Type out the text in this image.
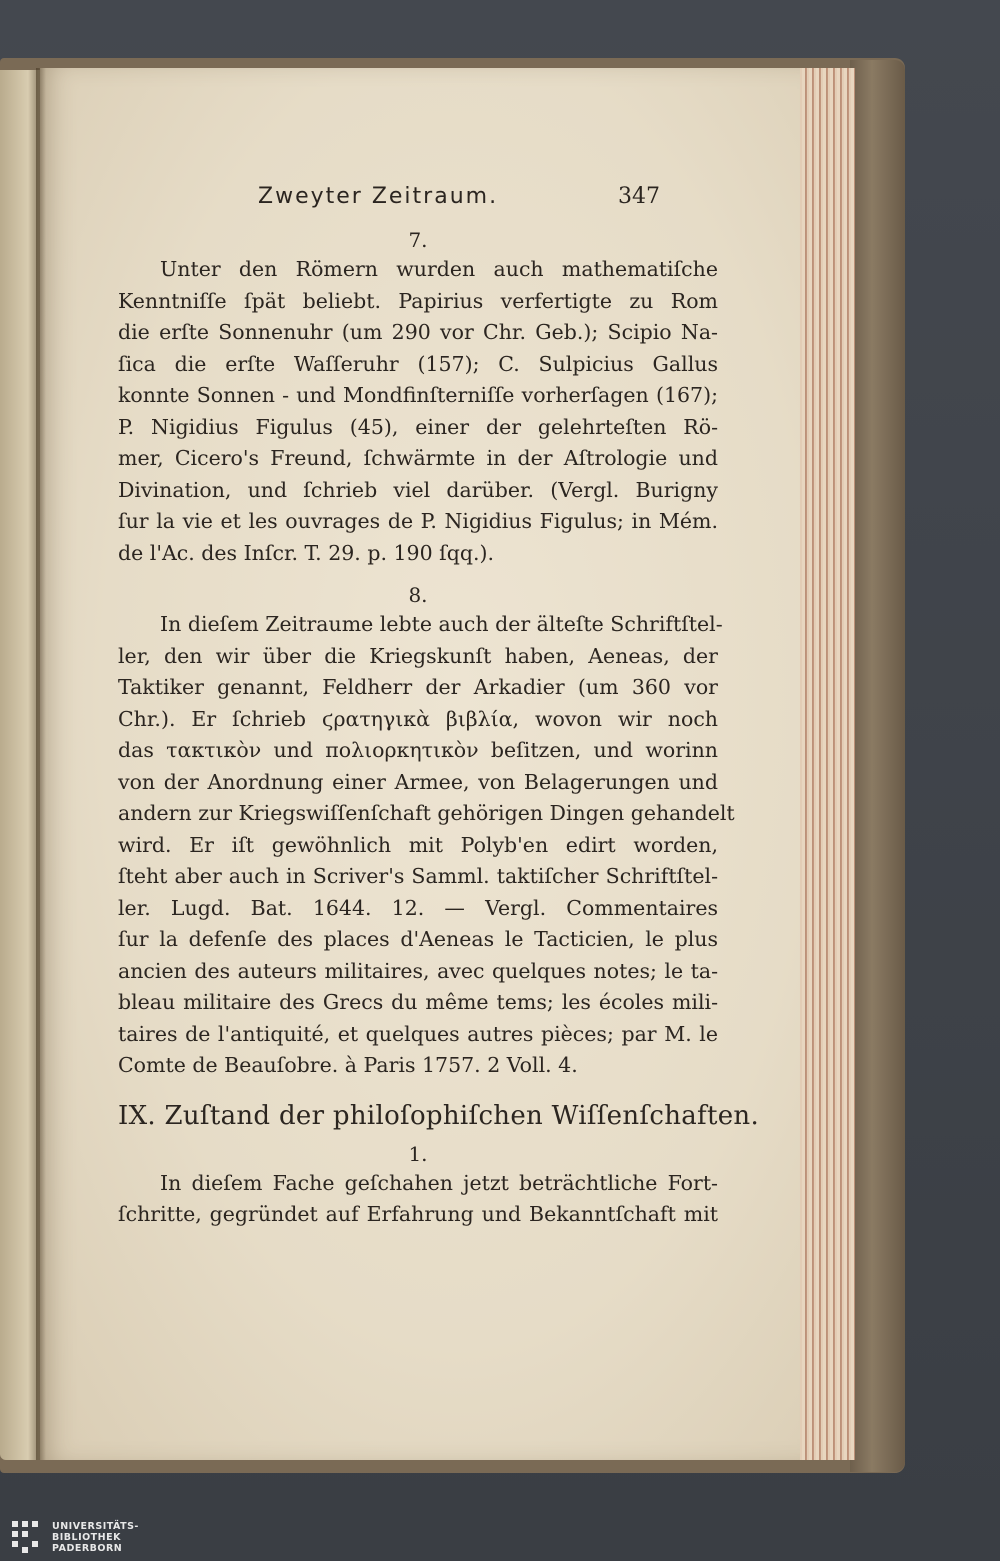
Zweyter Zeitraum.	347
7.
Unter den Römern wurden auch mathematiſche
Kenntniſſe ſpät beliebt. Papirius verfertigte zu Rom
die erſte Sonnenuhr (um 290 vor Chr. Geb.); Scipio Na-
ſica die erſte Waſſeruhr (157); C. Sulpicius Gallus
konnte Sonnen - und Mondfinſterniſſe vorherſagen (167);
P. Nigidius Figulus (45), einer der gelehrteſten Rö-
mer, Cicero's Freund, ſchwärmte in der Aſtrologie und
Divination, und ſchrieb viel darüber. (Vergl. Burigny
ſur la vie et les ouvrages de P. Nigidius Figulus; in Mém.
de l'Ac. des Inſcr. T. 29. p. 190 ſqq.).
8.
In dieſem Zeitraume lebte auch der älteſte Schriftſtel-
ler, den wir über die Kriegskunſt haben, Aeneas, der
Taktiker genannt, Feldherr der Arkadier (um 360 vor
Chr.). Er ſchrieb ϛρατηγικὰ βιβλία, wovon wir noch
das τακτικὸν und πολιορκητικὸν beſitzen, und worinn
von der Anordnung einer Armee, von Belagerungen und
andern zur Kriegswiſſenſchaft gehörigen Dingen gehandelt
wird. Er iſt gewöhnlich mit Polyb'en edirt worden,
ſteht aber auch in Scriver's Samml. taktiſcher Schriftſtel-
ler. Lugd. Bat. 1644. 12. — Vergl. Commentaires
ſur la defenſe des places d'Aeneas le Tacticien, le plus
ancien des auteurs militaires, avec quelques notes; le ta-
bleau militaire des Grecs du même tems; les écoles mili-
taires de l'antiquité, et quelques autres pièces; par M. le
Comte de Beauſobre. à Paris 1757. 2 Voll. 4.
IX. Zuſtand der philoſophiſchen Wiſſenſchaften.
1.
In dieſem Fache geſchahen jetzt beträchtliche Fort-
ſchritte, gegründet auf Erfahrung und Bekanntſchaft mit
UNIVERSITÄTS-
BIBLIOTHEK
PADERBORN
